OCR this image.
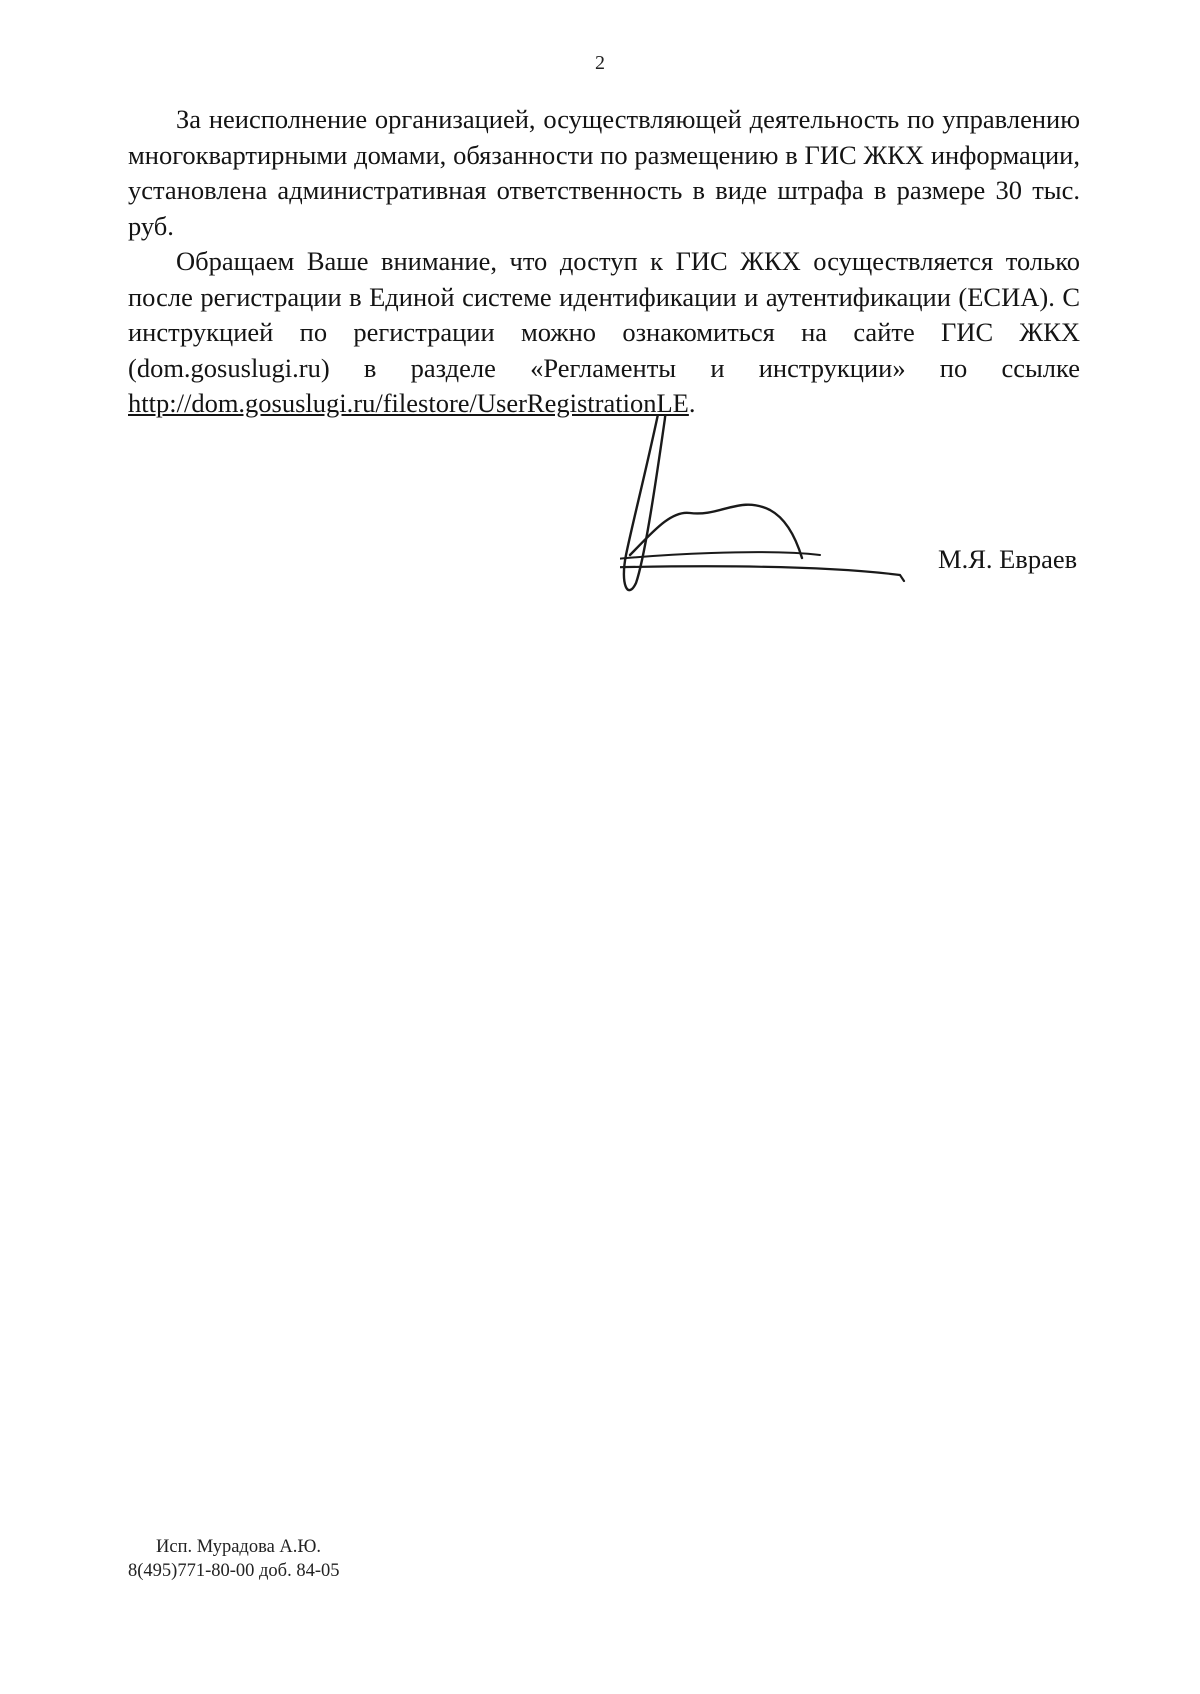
2

За неисполнение организацией, осуществляющей деятельность по управлению многоквартирными домами, обязанности по размещению в ГИС ЖКХ информации, установлена административная ответственность в виде штрафа в размере 30 тыс. руб.

Обращаем Ваше внимание, что доступ к ГИС ЖКХ осуществляется только после регистрации в Единой системе идентификации и аутентификации (ЕСИА). С инструкцией по регистрации можно ознакомиться на сайте ГИС ЖКХ (dom.gosuslugi.ru) в разделе «Регламенты и инструкции» по ссылке http://dom.gosuslugi.ru/filestore/UserRegistrationLE.

М.Я. Евраев
Исп. Мурадова А.Ю.
8(495)771-80-00 доб. 84-05
